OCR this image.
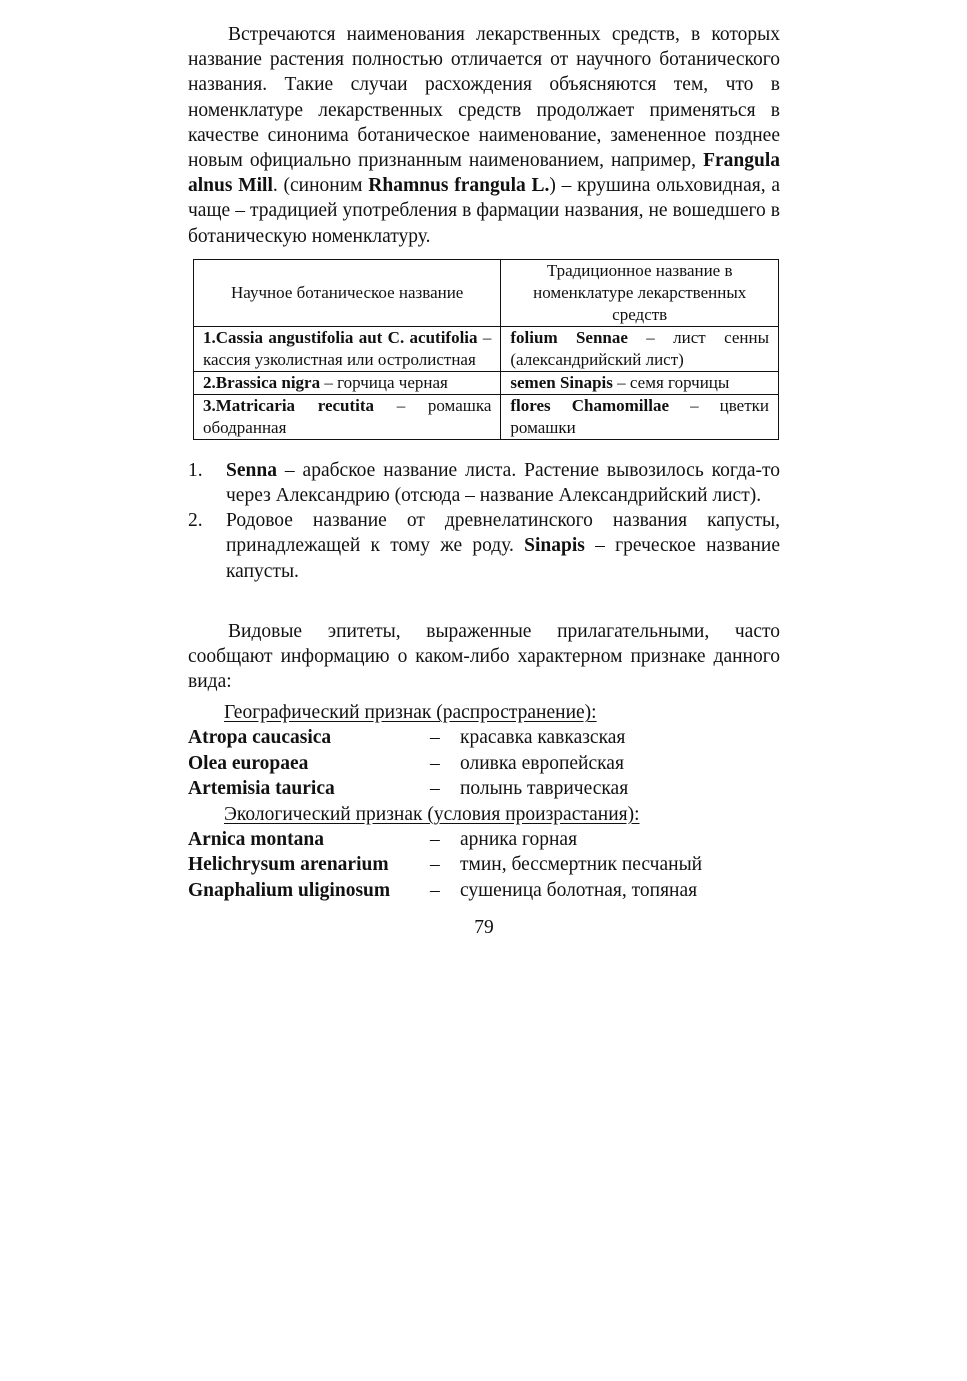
Встречаются наименования лекарственных средств, в которых название растения полностью отличается от научного ботанического названия. Такие случаи расхождения объясняются тем, что в номенклатуре лекарственных средств продолжает применяться в качестве синонима ботаническое наименование, замененное позднее новым официально признанным наименованием, например, Frangula alnus Mill. (синоним Rhamnus frangula L.) – крушина ольховидная, а чаще – традицией употребления в фармации названия, не вошедшего в ботаническую номенклатуру.

Научное ботаническое название	Традиционное название в номенклатуре лекарственных средств
1.Cassia angustifolia aut C. acutifolia – кассия узколистная или остролистная	folium Sennae – лист сенны (александрийский лист)
2.Brassica nigra – горчица черная	semen Sinapis – семя горчицы
3.Matricaria recutita – ромашка ободранная	flores Chamomillae – цветки ромашки

1.	Senna – арабское название листа. Растение вывозилось когда-то через Александрию (отсюда – название Александрийский лист).

2.	Родовое название от древнелатинского названия капусты, принадлежащей к тому же роду. Sinapis – греческое название капусты.

Видовые эпитеты, выраженные прилагательными, часто сообщают информацию о каком-либо характерном признаке данного вида:

Географический признак (распространение):
Atropa caucasica	–	красавка кавказская
Olea europaea	–	оливка европейская
Artemisia taurica	–	полынь таврическая
Экологический признак (условия произрастания):
Arnica montana	–	арника горная
Helichrysum arenarium	–	тмин, бессмертник песчаный
Gnaphalium uliginosum	–	сушеница болотная, топяная
79
